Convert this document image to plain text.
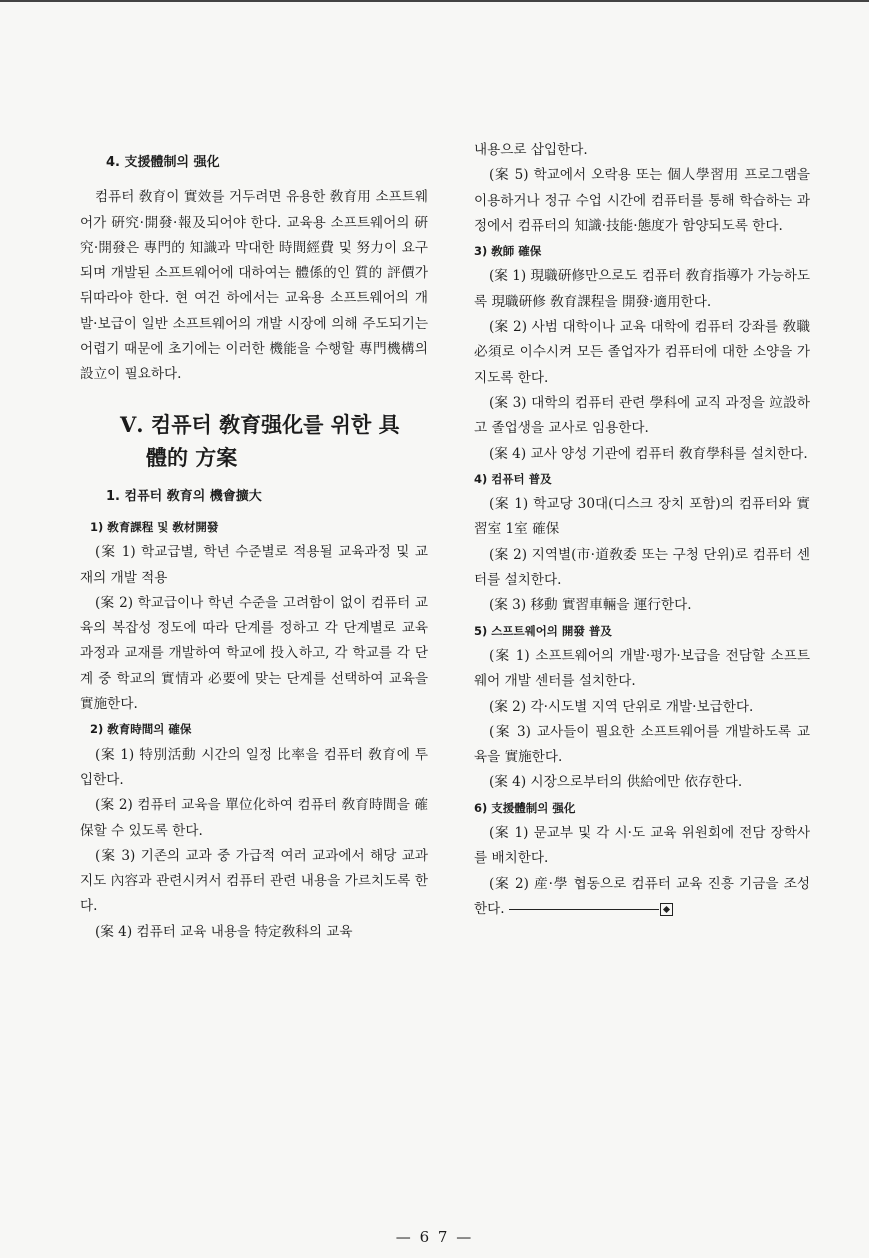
4. 支援體制의 强化

컴퓨터 敎育이 實效를 거두려면 유용한 敎育用 소프트웨어가 硏究·開發·報及되어야 한다. 교육용 소프트웨어의 硏究·開發은 專門的 知識과 막대한 時間經費 및 努力이 요구되며 개발된 소프트웨어에 대하여는 體係的인 質的 評價가 뒤따라야 한다. 현 여건 하에서는 교육용 소프트웨어의 개발·보급이 일반 소프트웨어의 개발 시장에 의해 주도되기는 어렵기 때문에 초기에는 이러한 機能을 수행할 專門機構의 設立이 필요하다.

Ⅴ. 컴퓨터 敎育强化를 위한 具
體的 方案

1. 컴퓨터 敎育의 機會擴大

1) 敎育課程 및 敎材開發

(案 1) 학교급별, 학년 수준별로 적용될 교육과정 및 교재의 개발 적용

(案 2) 학교급이나 학년 수준을 고려함이 없이 컴퓨터 교육의 복잡성 정도에 따라 단계를 정하고 각 단계별로 교육 과정과 교재를 개발하여 학교에 投入하고, 각 학교를 각 단계 중 학교의 實情과 必要에 맞는 단계를 선택하여 교육을 實施한다.

2) 敎育時間의 確保

(案 1) 特別活動 시간의 일정 比率을 컴퓨터 敎育에 투입한다.

(案 2) 컴퓨터 교육을 單位化하여 컴퓨터 敎育時間을 確保할 수 있도록 한다.

(案 3) 기존의 교과 중 가급적 여러 교과에서 해당 교과 지도 內容과 관련시켜서 컴퓨터 관련 내용을 가르치도록 한다.

(案 4) 컴퓨터 교육 내용을 特定敎科의 교육

내용으로 삽입한다.

(案 5) 학교에서 오락용 또는 個人學習用 프로그램을 이용하거나 정규 수업 시간에 컴퓨터를 통해 학습하는 과정에서 컴퓨터의 知識·技能·態度가 함양되도록 한다.

3) 敎師 確保

(案 1) 現職硏修만으로도 컴퓨터 敎育指導가 가능하도록 現職硏修 敎育課程을 開發·適用한다.

(案 2) 사범 대학이나 교육 대학에 컴퓨터 강좌를 敎職必須로 이수시켜 모든 졸업자가 컴퓨터에 대한 소양을 가지도록 한다.

(案 3) 대학의 컴퓨터 관련 學科에 교직 과정을 竝設하고 졸업생을 교사로 임용한다.

(案 4) 교사 양성 기관에 컴퓨터 敎育學科를 설치한다.

4) 컴퓨터 普及

(案 1) 학교당 30대(디스크 장치 포함)의 컴퓨터와 實習室 1室 確保

(案 2) 지역별(市·道敎委 또는 구청 단위)로 컴퓨터 센터를 설치한다.

(案 3) 移動 實習車輛을 運行한다.

5) 스프트웨어의 開發 普及

(案 1) 소프트웨어의 개발·평가·보급을 전담할 소프트웨어 개발 센터를 설치한다.

(案 2) 각·시도별 지역 단위로 개발·보급한다.

(案 3) 교사들이 필요한 소프트웨어를 개발하도록 교육을 實施한다.

(案 4) 시장으로부터의 供給에만 依存한다.

6) 支援體制의 强化

(案 1) 문교부 및 각 시·도 교육 위원회에 전담 장학사를 배치한다.

(案 2) 産·學 협동으로 컴퓨터 교육 진흥 기금을 조성한다.

— 6 7 —
